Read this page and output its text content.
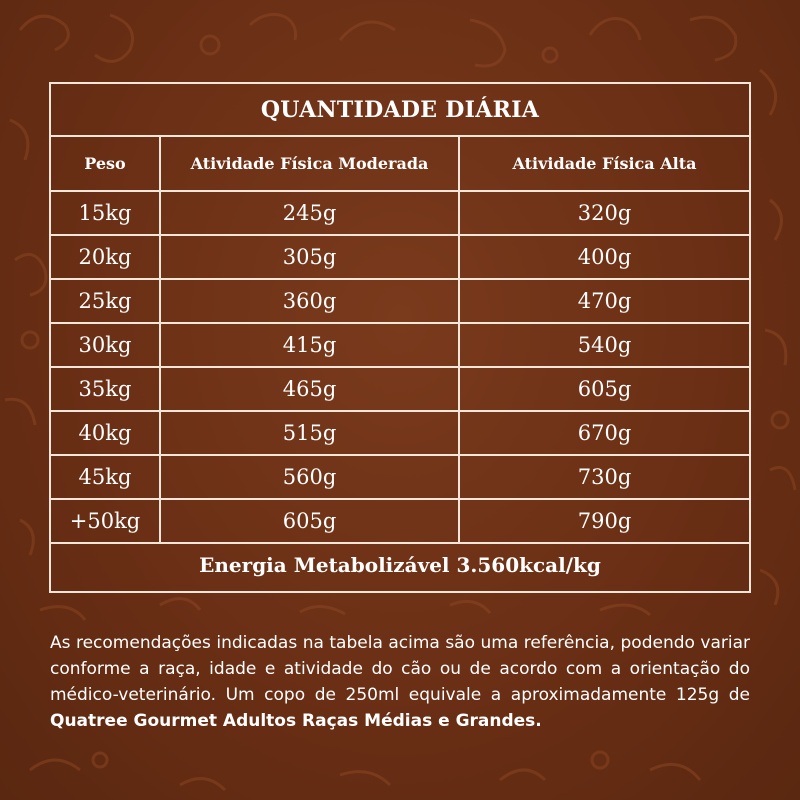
QUANTIDADE DIÁRIA
Peso	Atividade Física Moderada	Atividade Física Alta
15kg	245g	320g
20kg	305g	400g
25kg	360g	470g
30kg	415g	540g
35kg	465g	605g
40kg	515g	670g
45kg	560g	730g
+50kg	605g	790g
Energia Metabolizável 3.560kcal/kg
As recomendações indicadas na tabela acima são uma referência, podendo variar conforme a raça, idade e atividade do cão ou de acordo com a orientação do médico-veterinário. Um copo de 250ml equivale a aproximadamente 125g de Quatree Gourmet Adultos Raças Médias e Grandes.
